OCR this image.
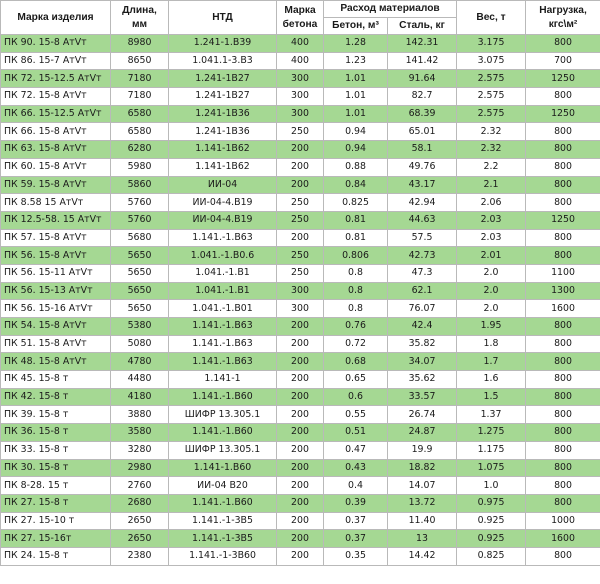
Марка изделия	Длина, мм	НТД	Марка бетона	Расход материалов		Вес, т	Нагрузка, кгс\м²
				Бетон, м³	Сталь, кг		
ПК 90. 15-8 АтVт	8980	1.241-1.В39	400	1.28	142.31	3.175	800
ПК 86. 15-7 АтVт	8650	1.041.1-3.В3	400	1.23	141.42	3.075	700
ПК 72. 15-12.5 АтVт	7180	1.241-1В27	300	1.01	91.64	2.575	1250
ПК 72. 15-8 АтVт	7180	1.241-1В27	300	1.01	82.7	2.575	800
ПК 66. 15-12.5 АтVт	6580	1.241-1В36	300	1.01	68.39	2.575	1250
ПК 66. 15-8 АтVт	6580	1.241-1В36	250	0.94	65.01	2.32	800
ПК 63. 15-8 АтVт	6280	1.141-1В62	200	0.94	58.1	2.32	800
ПК 60. 15-8 АтVт	5980	1.141-1В62	200	0.88	49.76	2.2	800
ПК 59. 15-8 АтVт	5860	ИИ-04	200	0.84	43.17	2.1	800
ПК 8.58 15 АтVт	5760	ИИ-04-4.В19	250	0.825	42.94	2.06	800
ПК 12.5-58. 15 АтVт	5760	ИИ-04-4.В19	250	0.81	44.63	2.03	1250
ПК 57. 15-8 АтVт	5680	1.141.-1.В63	200	0.81	57.5	2.03	800
ПК 56. 15-8 АтVт	5650	1.041.-1.В0.6	250	0.806	42.73	2.01	800
ПК 56. 15-11 АтVт	5650	1.041.-1.В1	250	0.8	47.3	2.0	1100
ПК 56. 15-13 АтVт	5650	1.041.-1.В1	300	0.8	62.1	2.0	1300
ПК 56. 15-16 АтVт	5650	1.041.-1.В01	300	0.8	76.07	2.0	1600
ПК 54. 15-8 АтVт	5380	1.141.-1.В63	200	0.76	42.4	1.95	800
ПК 51. 15-8 АтVт	5080	1.141.-1.В63	200	0.72	35.82	1.8	800
ПК 48. 15-8 АтVт	4780	1.141.-1.В63	200	0.68	34.07	1.7	800
ПК 45. 15-8 т	4480	1.141-1	200	0.65	35.62	1.6	800
ПК 42. 15-8 т	4180	1.141.-1.В60	200	0.6	33.57	1.5	800
ПК 39. 15-8 т	3880	ШИФР 13.305.1	200	0.55	26.74	1.37	800
ПК 36. 15-8 т	3580	1.141.-1.В60	200	0.51	24.87	1.275	800
ПК 33. 15-8 т	3280	ШИФР 13.305.1	200	0.47	19.9	1.175	800
ПК 30. 15-8 т	2980	1.141-1.В60	200	0.43	18.82	1.075	800
ПК 8-28. 15 т	2760	ИИ-04 В20	200	0.4	14.07	1.0	800
ПК 27. 15-8 т	2680	1.141.-1.В60	200	0.39	13.72	0.975	800
ПК 27. 15-10 т	2650	1.141.-1-3В5	200	0.37	11.40	0.925	1000
ПК 27. 15-16т	2650	1.141.-1-3В5	200	0.37	13	0.925	1600
ПК 24. 15-8 т	2380	1.141.-1-3В60	200	0.35	14.42	0.825	800
